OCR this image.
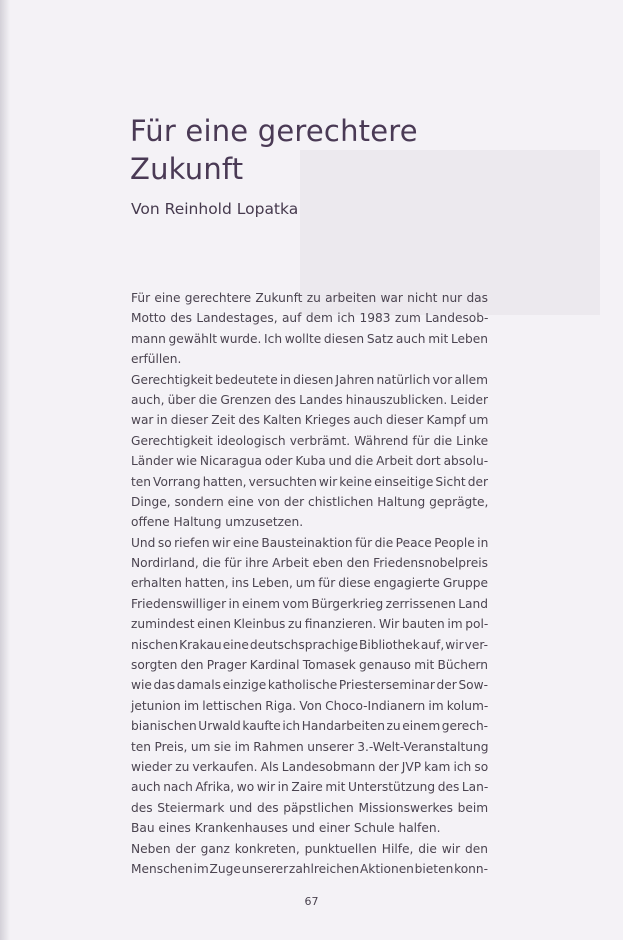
Für eine gerechtere
Zukunft
Von Reinhold Lopatka
Für eine gerechtere Zukunft zu arbeiten war nicht nur das
Motto des Landestages, auf dem ich 1983 zum Landesob-
mann gewählt wurde. Ich wollte diesen Satz auch mit Leben
erfüllen.
Gerechtigkeit bedeutete in diesen Jahren natürlich vor allem
auch, über die Grenzen des Landes hinauszublicken. Leider
war in dieser Zeit des Kalten Krieges auch dieser Kampf um
Gerechtigkeit ideologisch verbrämt. Während für die Linke
Länder wie Nicaragua oder Kuba und die Arbeit dort absolu-
ten Vorrang hatten, versuchten wir keine einseitige Sicht der
Dinge, sondern eine von der chistlichen Haltung geprägte,
offene Haltung umzusetzen.
Und so riefen wir eine Bausteinaktion für die Peace People in
Nordirland, die für ihre Arbeit eben den Friedensnobelpreis
erhalten hatten, ins Leben, um für diese engagierte Gruppe
Friedenswilliger in einem vom Bürgerkrieg zerrissenen Land
zumindest einen Kleinbus zu finanzieren. Wir bauten im pol-
nischen Krakau eine deutschsprachige Bibliothek auf, wir ver-
sorgten den Prager Kardinal Tomasek genauso mit Büchern
wie das damals einzige katholische Priesterseminar der Sow-
jetunion im lettischen Riga. Von Choco-Indianern im kolum-
bianischen Urwald kaufte ich Handarbeiten zu einem gerech-
ten Preis, um sie im Rahmen unserer 3.-Welt-Veranstaltung
wieder zu verkaufen. Als Landesobmann der JVP kam ich so
auch nach Afrika, wo wir in Zaire mit Unterstützung des Lan-
des Steiermark und des päpstlichen Missionswerkes beim
Bau eines Krankenhauses und einer Schule halfen.
Neben der ganz konkreten, punktuellen Hilfe, die wir den
Menschen im Zuge unserer zahlreichen Aktionen bieten konn-
67
